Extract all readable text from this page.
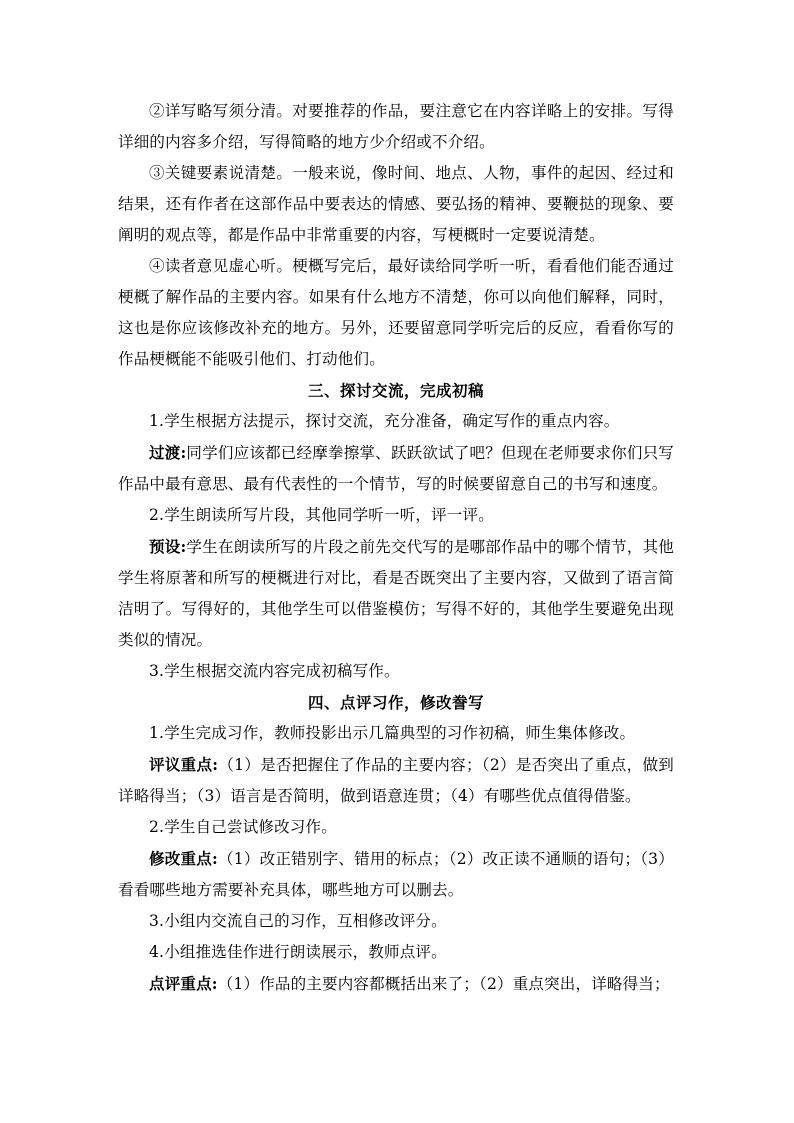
②详写略写须分清。对要推荐的作品，要注意它在内容详略上的安排。写得详细的内容多介绍，写得简略的地方少介绍或不介绍。

③关键要素说清楚。一般来说，像时间、地点、人物，事件的起因、经过和结果，还有作者在这部作品中要表达的情感、要弘扬的精神、要鞭挞的现象、要阐明的观点等，都是作品中非常重要的内容，写梗概时一定要说清楚。

④读者意见虚心听。梗概写完后，最好读给同学听一听，看看他们能否通过梗概了解作品的主要内容。如果有什么地方不清楚，你可以向他们解释，同时，这也是你应该修改补充的地方。另外，还要留意同学听完后的反应，看看你写的作品梗概能不能吸引他们、打动他们。

三、探讨交流，完成初稿

1.学生根据方法提示，探讨交流，充分准备，确定写作的重点内容。

过渡:同学们应该都已经摩拳擦掌、跃跃欲试了吧？但现在老师要求你们只写作品中最有意思、最有代表性的一个情节，写的时候要留意自己的书写和速度。

2.学生朗读所写片段，其他同学听一听，评一评。

预设:学生在朗读所写的片段之前先交代写的是哪部作品中的哪个情节，其他学生将原著和所写的梗概进行对比，看是否既突出了主要内容，又做到了语言简洁明了。写得好的，其他学生可以借鉴模仿；写得不好的，其他学生要避免出现类似的情况。

3.学生根据交流内容完成初稿写作。

四、点评习作，修改誊写

1.学生完成习作，教师投影出示几篇典型的习作初稿，师生集体修改。

评议重点:（1）是否把握住了作品的主要内容；（2）是否突出了重点，做到详略得当；（3）语言是否简明，做到语意连贯；（4）有哪些优点值得借鉴。

2.学生自己尝试修改习作。

修改重点:（1）改正错别字、错用的标点；（2）改正读不通顺的语句；（3）看看哪些地方需要补充具体，哪些地方可以删去。

3.小组内交流自己的习作，互相修改评分。

4.小组推选佳作进行朗读展示，教师点评。

点评重点:（1）作品的主要内容都概括出来了；（2）重点突出，详略得当；
